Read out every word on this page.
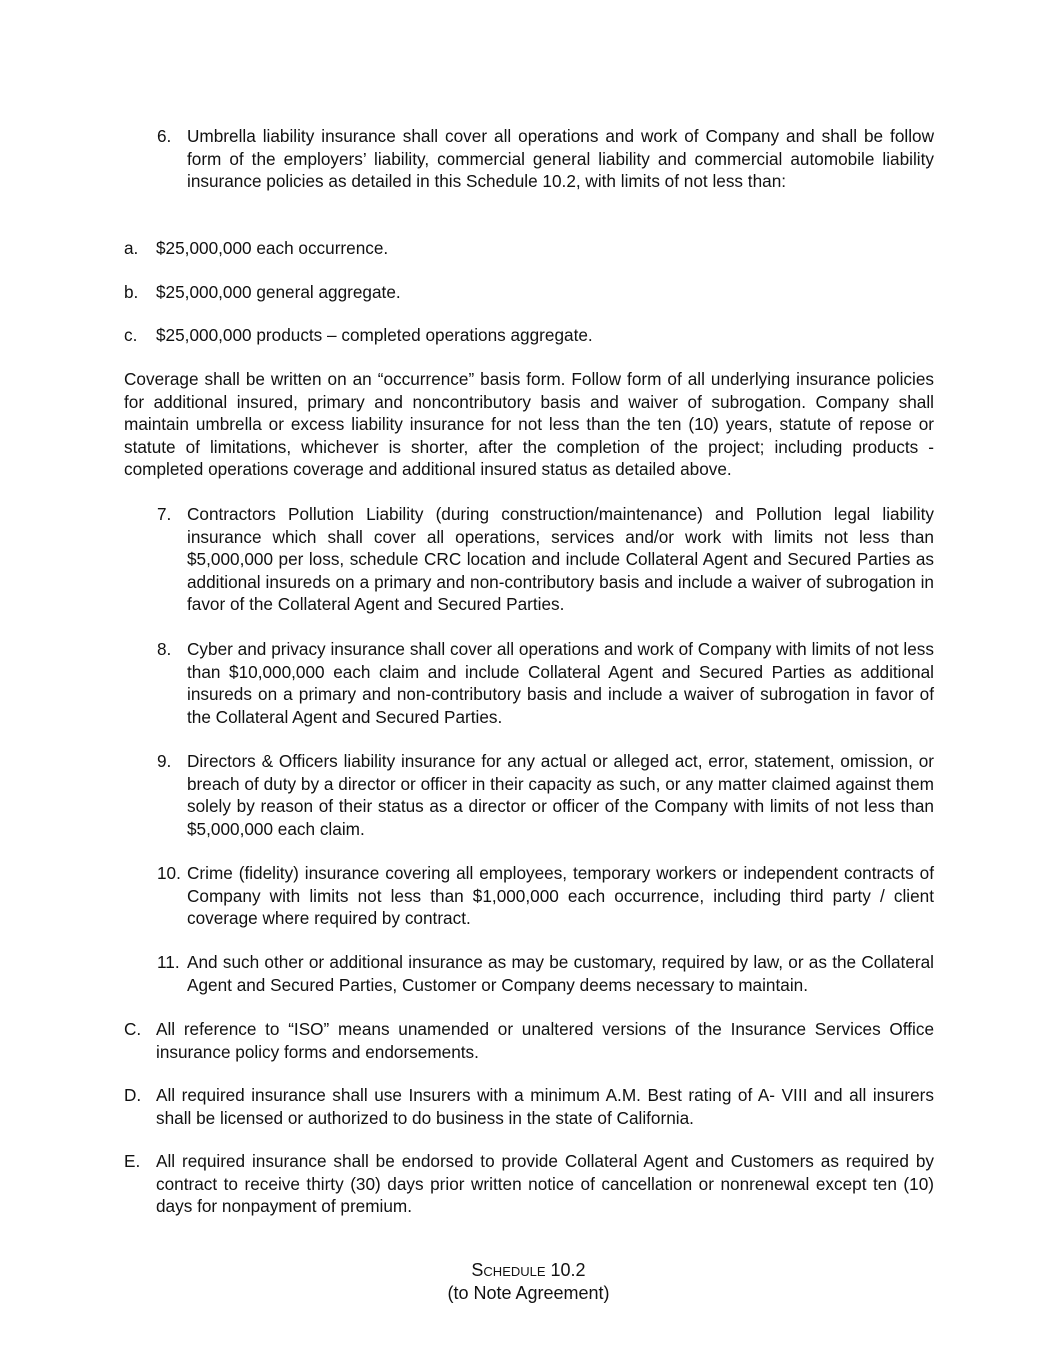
6. Umbrella liability insurance shall cover all operations and work of Company and shall be follow form of the employers’ liability, commercial general liability and commercial automobile liability insurance policies as detailed in this Schedule 10.2, with limits of not less than:
a. $25,000,000 each occurrence.
b. $25,000,000 general aggregate.
c. $25,000,000 products – completed operations aggregate.
Coverage shall be written on an “occurrence” basis form. Follow form of all underlying insurance policies for additional insured, primary and noncontributory basis and waiver of subrogation. Company shall maintain umbrella or excess liability insurance for not less than the ten (10) years, statute of repose or statute of limitations, whichever is shorter, after the completion of the project; including products - completed operations coverage and additional insured status as detailed above.
7. Contractors Pollution Liability (during construction/maintenance) and Pollution legal liability insurance which shall cover all operations, services and/or work with limits not less than $5,000,000 per loss, schedule CRC location and include Collateral Agent and Secured Parties as additional insureds on a primary and non-contributory basis and include a waiver of subrogation in favor of the Collateral Agent and Secured Parties.
8. Cyber and privacy insurance shall cover all operations and work of Company with limits of not less than $10,000,000 each claim and include Collateral Agent and Secured Parties as additional insureds on a primary and non-contributory basis and include a waiver of subrogation in favor of the Collateral Agent and Secured Parties.
9. Directors & Officers liability insurance for any actual or alleged act, error, statement, omission, or breach of duty by a director or officer in their capacity as such, or any matter claimed against them solely by reason of their status as a director or officer of the Company with limits of not less than $5,000,000 each claim.
10. Crime (fidelity) insurance covering all employees, temporary workers or independent contracts of Company with limits not less than $1,000,000 each occurrence, including third party / client coverage where required by contract.
11. And such other or additional insurance as may be customary, required by law, or as the Collateral Agent and Secured Parties, Customer or Company deems necessary to maintain.
C. All reference to “ISO” means unamended or unaltered versions of the Insurance Services Office insurance policy forms and endorsements.
D. All required insurance shall use Insurers with a minimum A.M. Best rating of A- VIII and all insurers shall be licensed or authorized to do business in the state of California.
E. All required insurance shall be endorsed to provide Collateral Agent and Customers as required by contract to receive thirty (30) days prior written notice of cancellation or nonrenewal except ten (10) days for nonpayment of premium.
Schedule 10.2
(to Note Agreement)
